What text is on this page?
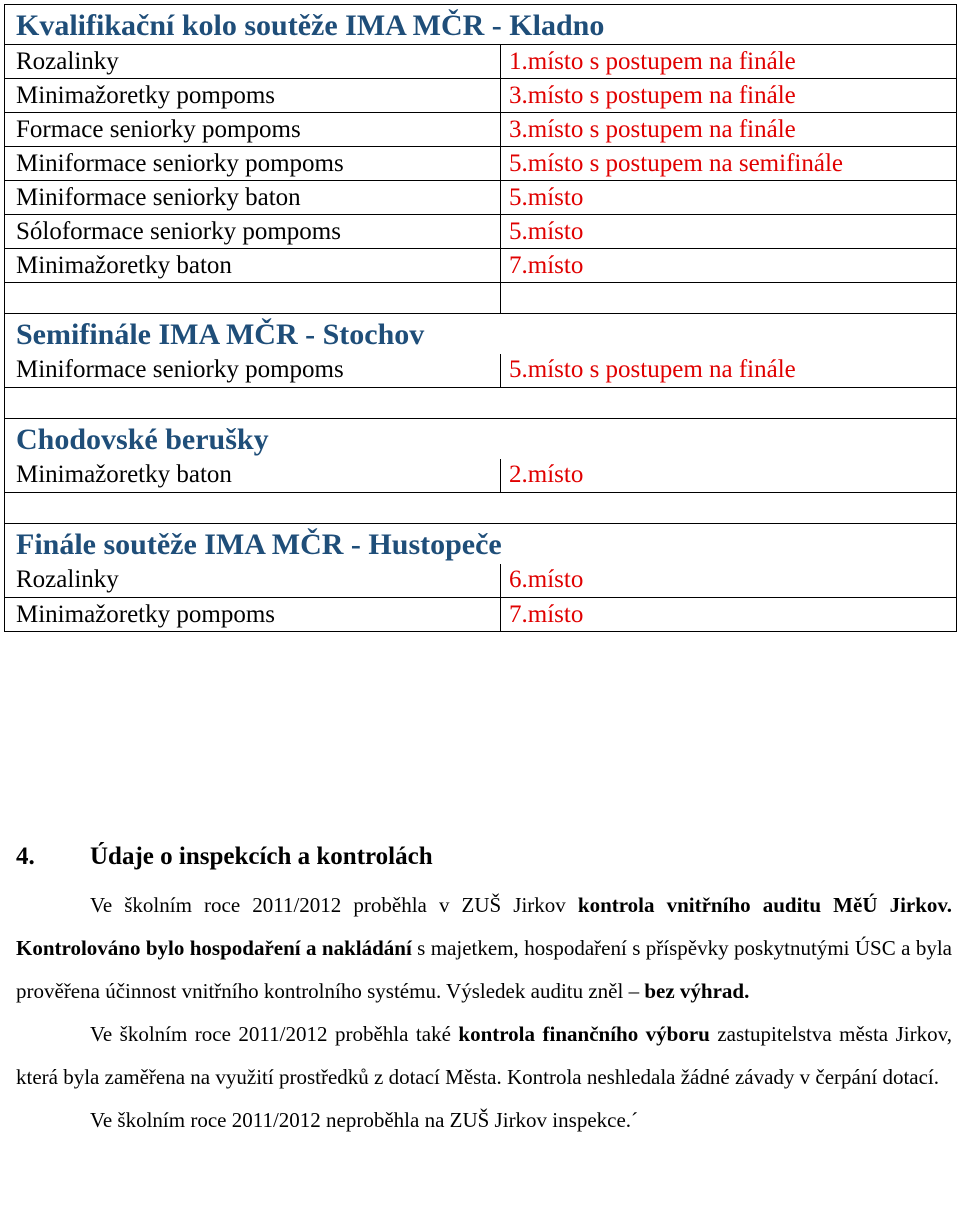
Kvalifikační kolo soutěže IMA MČR - Kladno	
Rozalinky	1.místo s postupem na finále
Minimažoretky pompoms	3.místo s postupem na finále
Formace seniorky pompoms	3.místo s postupem na finále
Miniformace seniorky pompoms	5.místo s postupem na semifinále
Miniformace seniorky baton	5.místo
Sóloformace seniorky pompoms	5.místo
Minimažoretky baton	7.místo

Semifinále IMA MČR - Stochov	
Miniformace seniorky pompoms	5.místo s postupem na finále

Chodovské berušky	
Minimažoretky baton	2.místo

Finále soutěže IMA MČR - Hustopeče	
Rozalinky	6.místo
Minimažoretky pompoms	7.místo
4. Údaje o inspekcích a kontrolách

Ve školním roce 2011/2012 proběhla v ZUŠ Jirkov kontrola vnitřního auditu MěÚ Jirkov. Kontrolováno bylo hospodaření a nakládání s majetkem, hospodaření s příspěvky poskytnutými ÚSC a byla prověřena účinnost vnitřního kontrolního systému. Výsledek auditu zněl – bez výhrad.

Ve školním roce 2011/2012 proběhla také kontrola finančního výboru zastupitelstva města Jirkov, která byla zaměřena na využití prostředků z dotací Města. Kontrola neshledala žádné závady v čerpání dotací.

Ve školním roce 2011/2012 neproběhla na ZUŠ Jirkov inspekce.´
